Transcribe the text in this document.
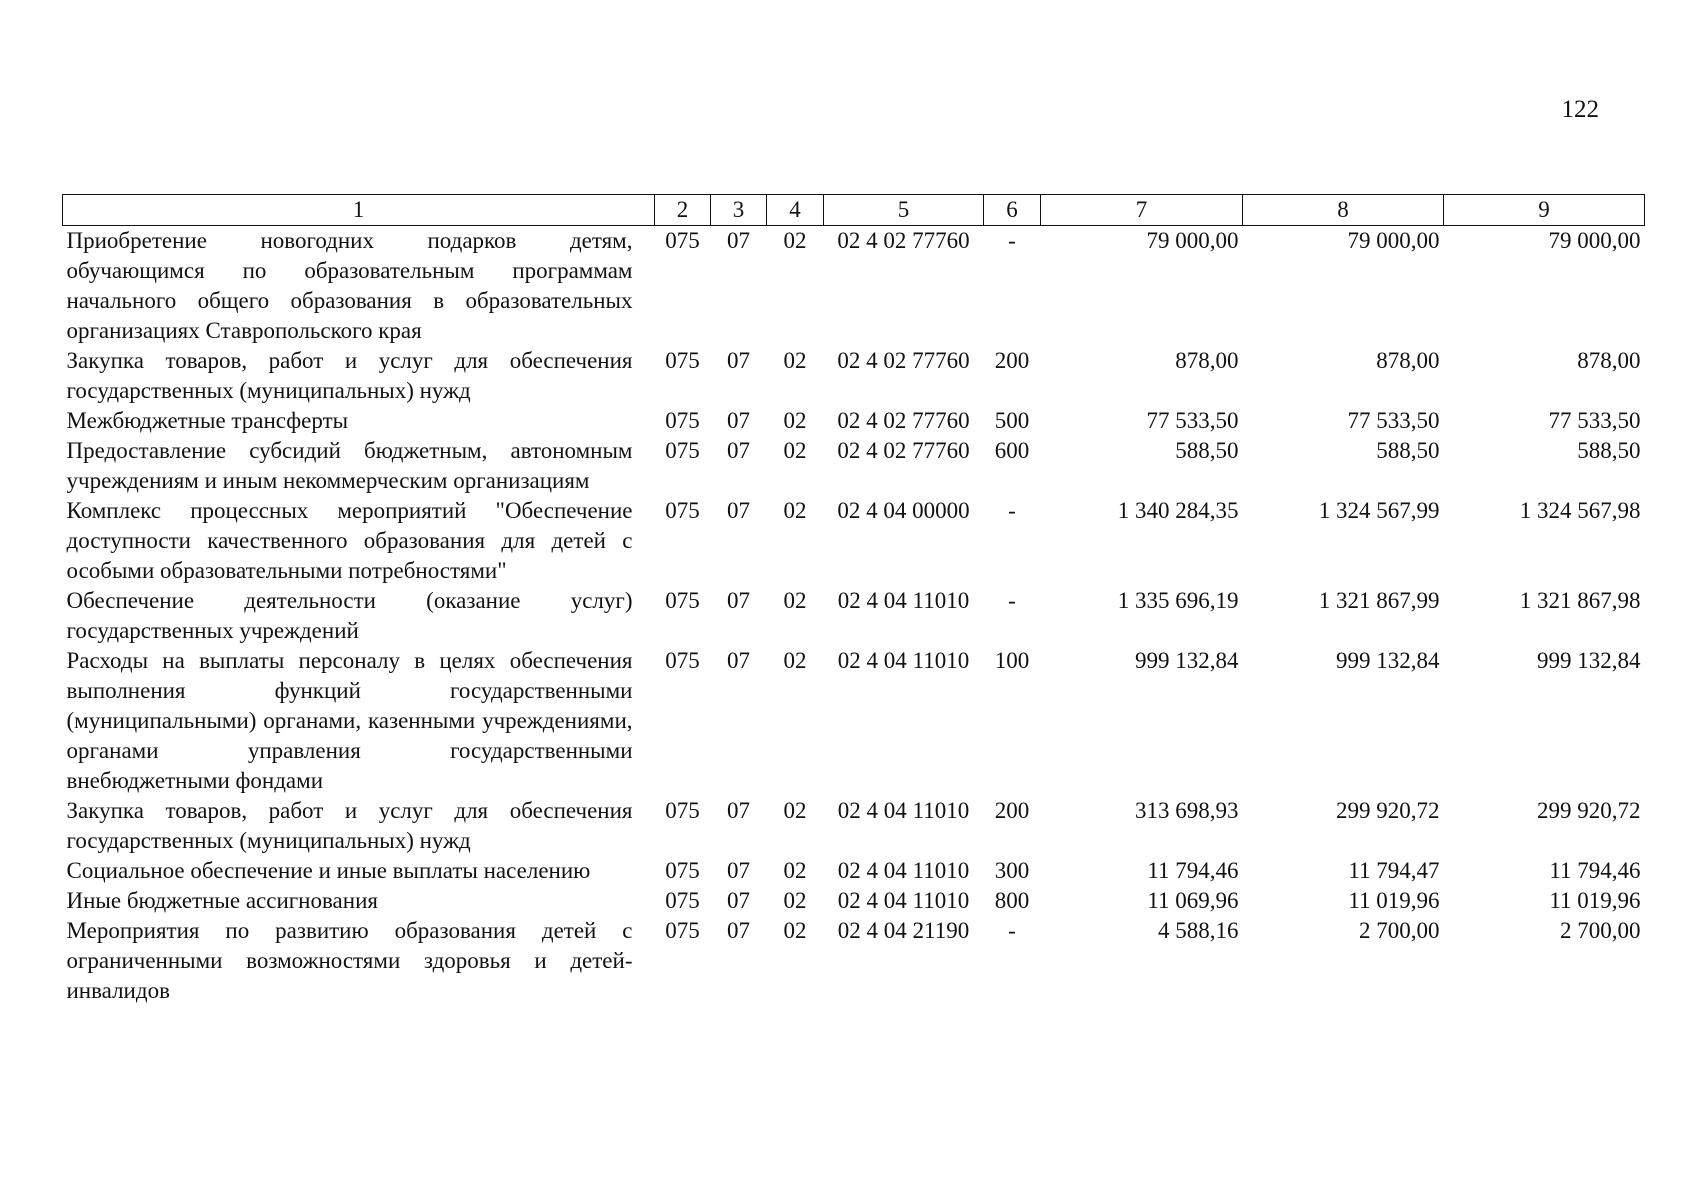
122
1	2	3	4	5	6	7	8	9
Приобретение новогодних подарков детям, обучающимся по образовательным программам начального общего образования в образовательных организациях Ставропольского края	075	07	02	02 4 02 77760	-	79 000,00	79 000,00	79 000,00
Закупка товаров, работ и услуг для обеспечения государственных (муниципальных) нужд	075	07	02	02 4 02 77760	200	878,00	878,00	878,00
Межбюджетные трансферты	075	07	02	02 4 02 77760	500	77 533,50	77 533,50	77 533,50
Предоставление субсидий бюджетным, автономным учреждениям и иным некоммерческим организациям	075	07	02	02 4 02 77760	600	588,50	588,50	588,50
Комплекс процессных мероприятий "Обеспечение доступности качественного образования для детей с особыми образовательными потребностями"	075	07	02	02 4 04 00000	-	1 340 284,35	1 324 567,99	1 324 567,98
Обеспечение деятельности (оказание услуг) государственных учреждений	075	07	02	02 4 04 11010	-	1 335 696,19	1 321 867,99	1 321 867,98
Расходы на выплаты персоналу в целях обеспечения выполнения функций государственными (муниципальными) органами, казенными учреждениями, органами управления государственными внебюджетными фондами	075	07	02	02 4 04 11010	100	999 132,84	999 132,84	999 132,84
Закупка товаров, работ и услуг для обеспечения государственных (муниципальных) нужд	075	07	02	02 4 04 11010	200	313 698,93	299 920,72	299 920,72
Социальное обеспечение и иные выплаты населению	075	07	02	02 4 04 11010	300	11 794,46	11 794,47	11 794,46
Иные бюджетные ассигнования	075	07	02	02 4 04 11010	800	11 069,96	11 019,96	11 019,96
Мероприятия по развитию образования детей с ограниченными возможностями здоровья и детей-инвалидов	075	07	02	02 4 04 21190	-	4 588,16	2 700,00	2 700,00
